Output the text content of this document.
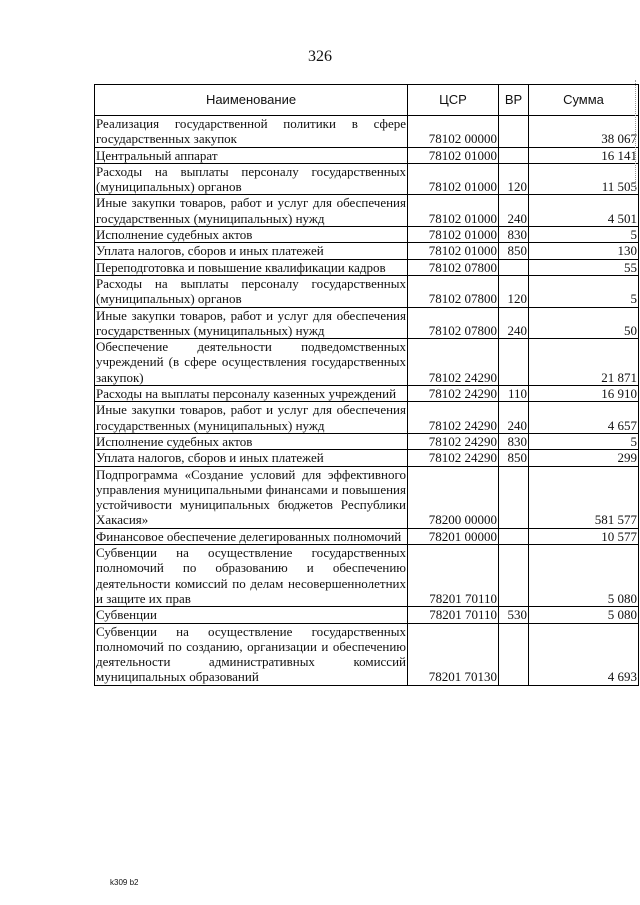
326
Наименование	ЦСР	ВР	Сумма
Реализация государственной политики в сфере государственных закупок	78102 00000		38 067
Центральный аппарат	78102 01000		16 141
Расходы на выплаты персоналу государственных (муниципальных) органов	78102 01000	120	11 505
Иные закупки товаров, работ и услуг для обеспечения государственных (муниципальных) нужд	78102 01000	240	4 501
Исполнение судебных актов	78102 01000	830	5
Уплата налогов, сборов и иных платежей	78102 01000	850	130
Переподготовка и повышение квалификации кадров	78102 07800		55
Расходы на выплаты персоналу государственных (муниципальных) органов	78102 07800	120	5
Иные закупки товаров, работ и услуг для обеспечения государственных (муниципальных) нужд	78102 07800	240	50
Обеспечение деятельности подведомственных учреждений (в сфере осуществления государственных закупок)	78102 24290		21 871
Расходы на выплаты персоналу казенных учреждений	78102 24290	110	16 910
Иные закупки товаров, работ и услуг для обеспечения государственных (муниципальных) нужд	78102 24290	240	4 657
Исполнение судебных актов	78102 24290	830	5
Уплата налогов, сборов и иных платежей	78102 24290	850	299
Подпрограмма «Создание условий для эффективного управления муниципальными финансами и повышения устойчивости муниципальных бюджетов Республики Хакасия»	78200 00000		581 577
Финансовое обеспечение делегированных полномочий	78201 00000		10 577
Субвенции на осуществление государственных полномочий по образованию и обеспечению деятельности комиссий по делам несовершеннолетних и защите их прав	78201 70110		5 080
Субвенции	78201 70110	530	5 080
Субвенции на осуществление государственных полномочий по созданию, организации и обеспечению деятельности административных комиссий муниципальных образований	78201 70130		4 693
k309 b2
